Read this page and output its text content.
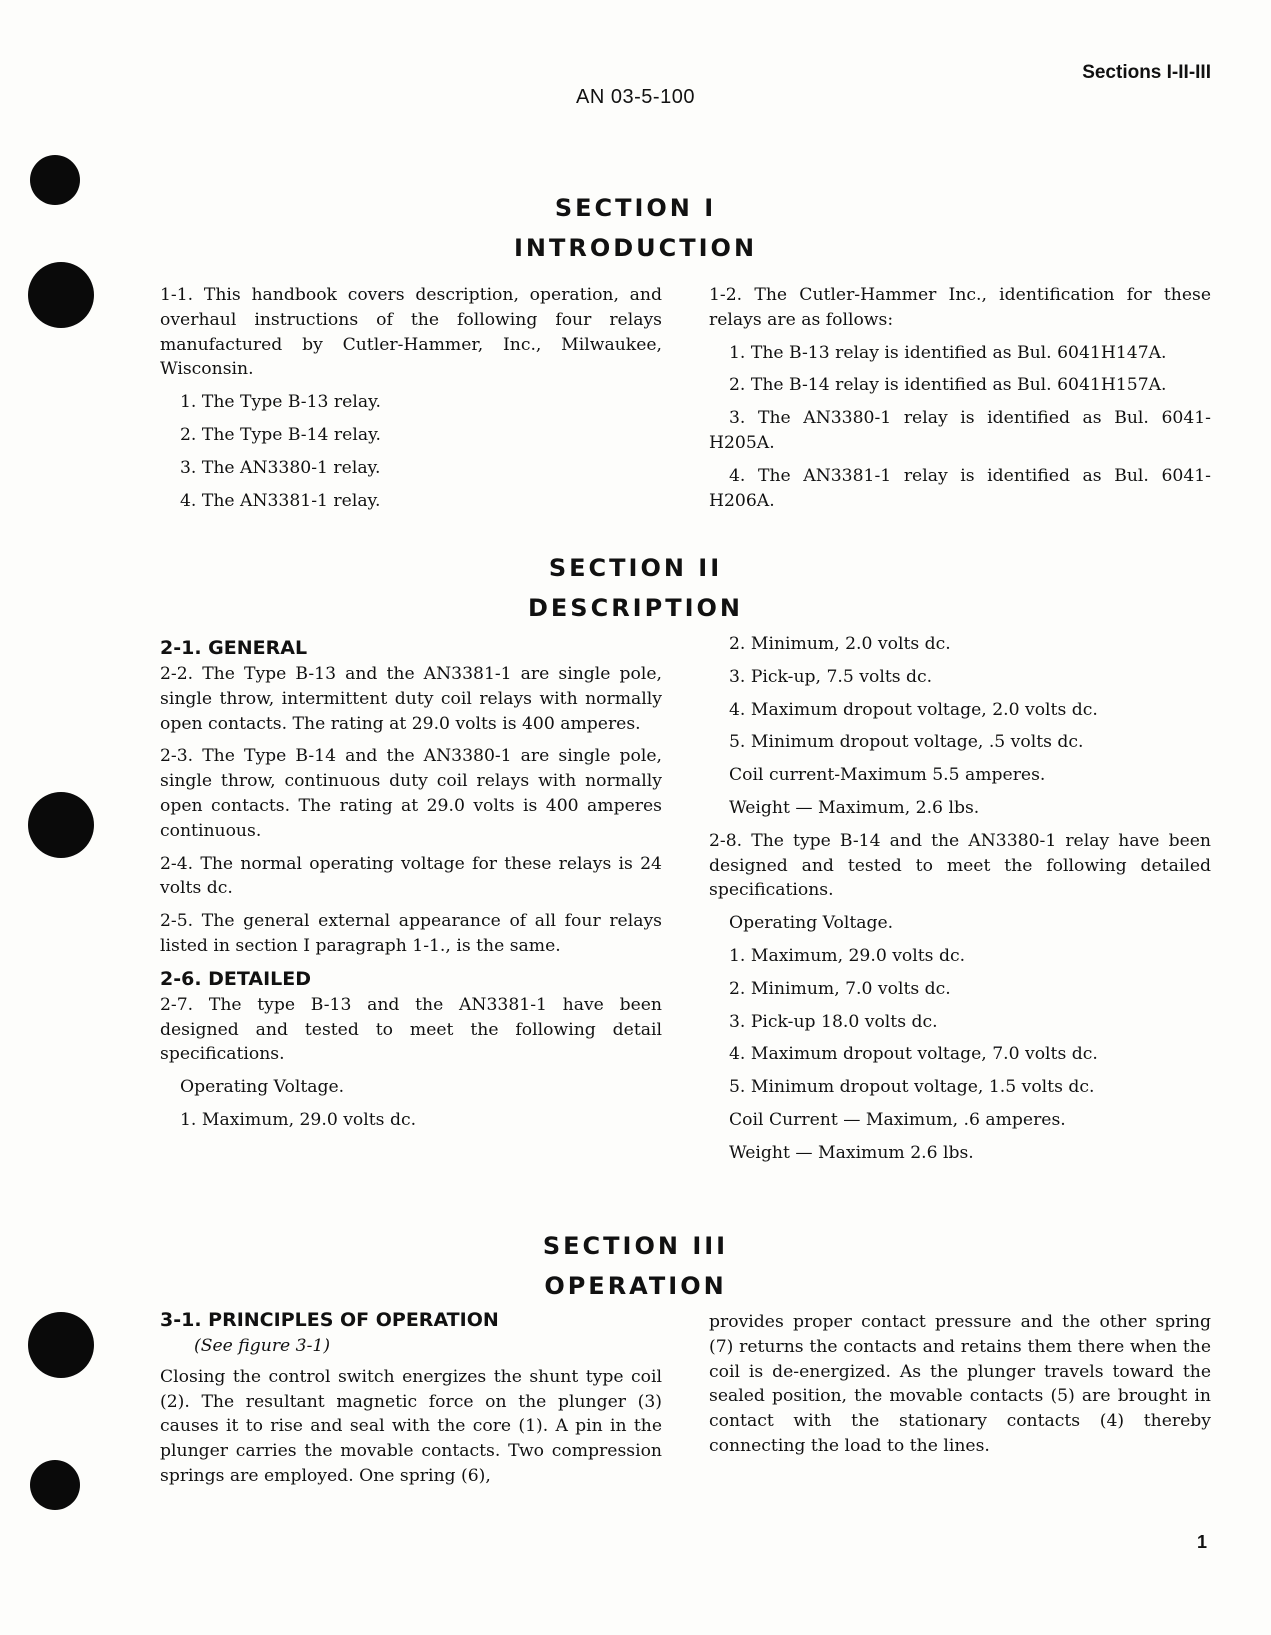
Sections I-II-III
AN 03-5-100
SECTION I
INTRODUCTION

1-1. This handbook covers description, operation, and overhaul instructions of the following four relays manufactured by Cutler-Hammer, Inc., Milwaukee, Wisconsin.

1. The Type B-13 relay.
2. The Type B-14 relay.
3. The AN3380-1 relay.
4. The AN3381-1 relay.

1-2. The Cutler-Hammer Inc., identification for these relays are as follows:

1. The B-13 relay is identified as Bul. 6041H147A.

2. The B-14 relay is identified as Bul. 6041H157A.

3. The AN3380-1 relay is identified as Bul. 6041-H205A.

4. The AN3381-1 relay is identified as Bul. 6041-H206A.

SECTION II
DESCRIPTION
2-1. GENERAL

2-2. The Type B-13 and the AN3381-1 are single pole, single throw, intermittent duty coil relays with normally open contacts. The rating at 29.0 volts is 400 amperes.

2-3. The Type B-14 and the AN3380-1 are single pole, single throw, continuous duty coil relays with normally open contacts. The rating at 29.0 volts is 400 amperes continuous.

2-4. The normal operating voltage for these relays is 24 volts dc.

2-5. The general external appearance of all four relays listed in section I paragraph 1-1., is the same.

2-6. DETAILED

2-7. The type B-13 and the AN3381-1 have been designed and tested to meet the following detail specifications.

Operating Voltage.
1. Maximum, 29.0 volts dc.
2. Minimum, 2.0 volts dc.
3. Pick-up, 7.5 volts dc.
4. Maximum dropout voltage, 2.0 volts dc.
5. Minimum dropout voltage, .5 volts dc.
Coil current-Maximum 5.5 amperes.
Weight — Maximum, 2.6 lbs.

2-8. The type B-14 and the AN3380-1 relay have been designed and tested to meet the following detailed specifications.

Operating Voltage.
1. Maximum, 29.0 volts dc.
2. Minimum, 7.0 volts dc.
3. Pick-up 18.0 volts dc.
4. Maximum dropout voltage, 7.0 volts dc.
5. Minimum dropout voltage, 1.5 volts dc.
Coil Current — Maximum, .6 amperes.
Weight — Maximum 2.6 lbs.
SECTION III
OPERATION
3-1. PRINCIPLES OF OPERATION
(See figure 3-1)

Closing the control switch energizes the shunt type coil (2). The resultant magnetic force on the plunger (3) causes it to rise and seal with the core (1). A pin in the plunger carries the movable contacts. Two compression springs are employed. One spring (6),

provides proper contact pressure and the other spring (7) returns the contacts and retains them there when the coil is de-energized. As the plunger travels toward the sealed position, the movable contacts (5) are brought in contact with the stationary contacts (4) thereby connecting the load to the lines.

1
